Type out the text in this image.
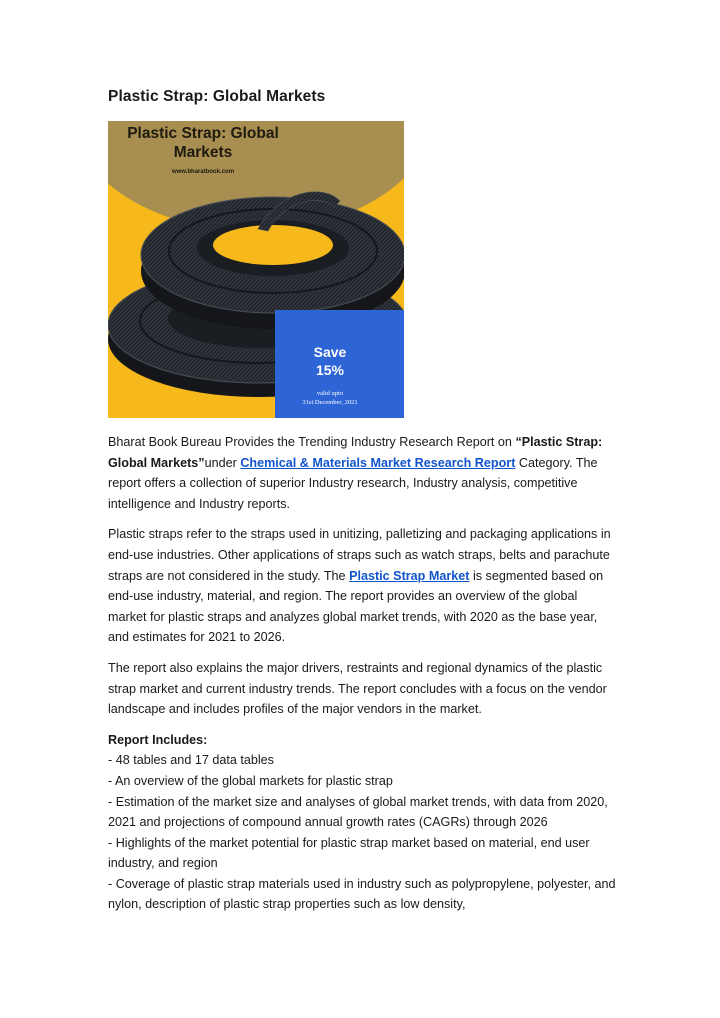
Plastic Strap: Global Markets
Plastic Strap: Global
Markets
www.bharatbook.com
Save
15%
valid upto
31st December, 2021

Bharat Book Bureau Provides the Trending Industry Research Report on “Plastic Strap: Global Markets”under Chemical & Materials Market Research Report Category. The report offers a collection of superior Industry research, Industry analysis, competitive intelligence and Industry reports.

Plastic straps refer to the straps used in unitizing, palletizing and packaging applications in end-use industries. Other applications of straps such as watch straps, belts and parachute straps are not considered in the study. The Plastic Strap Market is segmented based on end-use industry, material, and region. The report provides an overview of the global market for plastic straps and analyzes global market trends, with 2020 as the base year, and estimates for 2021 to 2026.

The report also explains the major drivers, restraints and regional dynamics of the plastic strap market and current industry trends. The report concludes with a focus on the vendor landscape and includes profiles of the major vendors in the market.

Report Includes:
- 48 tables and 17 data tables
- An overview of the global markets for plastic strap
- Estimation of the market size and analyses of global market trends, with data from 2020, 2021 and projections of compound annual growth rates (CAGRs) through 2026
- Highlights of the market potential for plastic strap market based on material, end user industry, and region
- Coverage of plastic strap materials used in industry such as polypropylene, polyester, and nylon, description of plastic strap properties such as low density,
